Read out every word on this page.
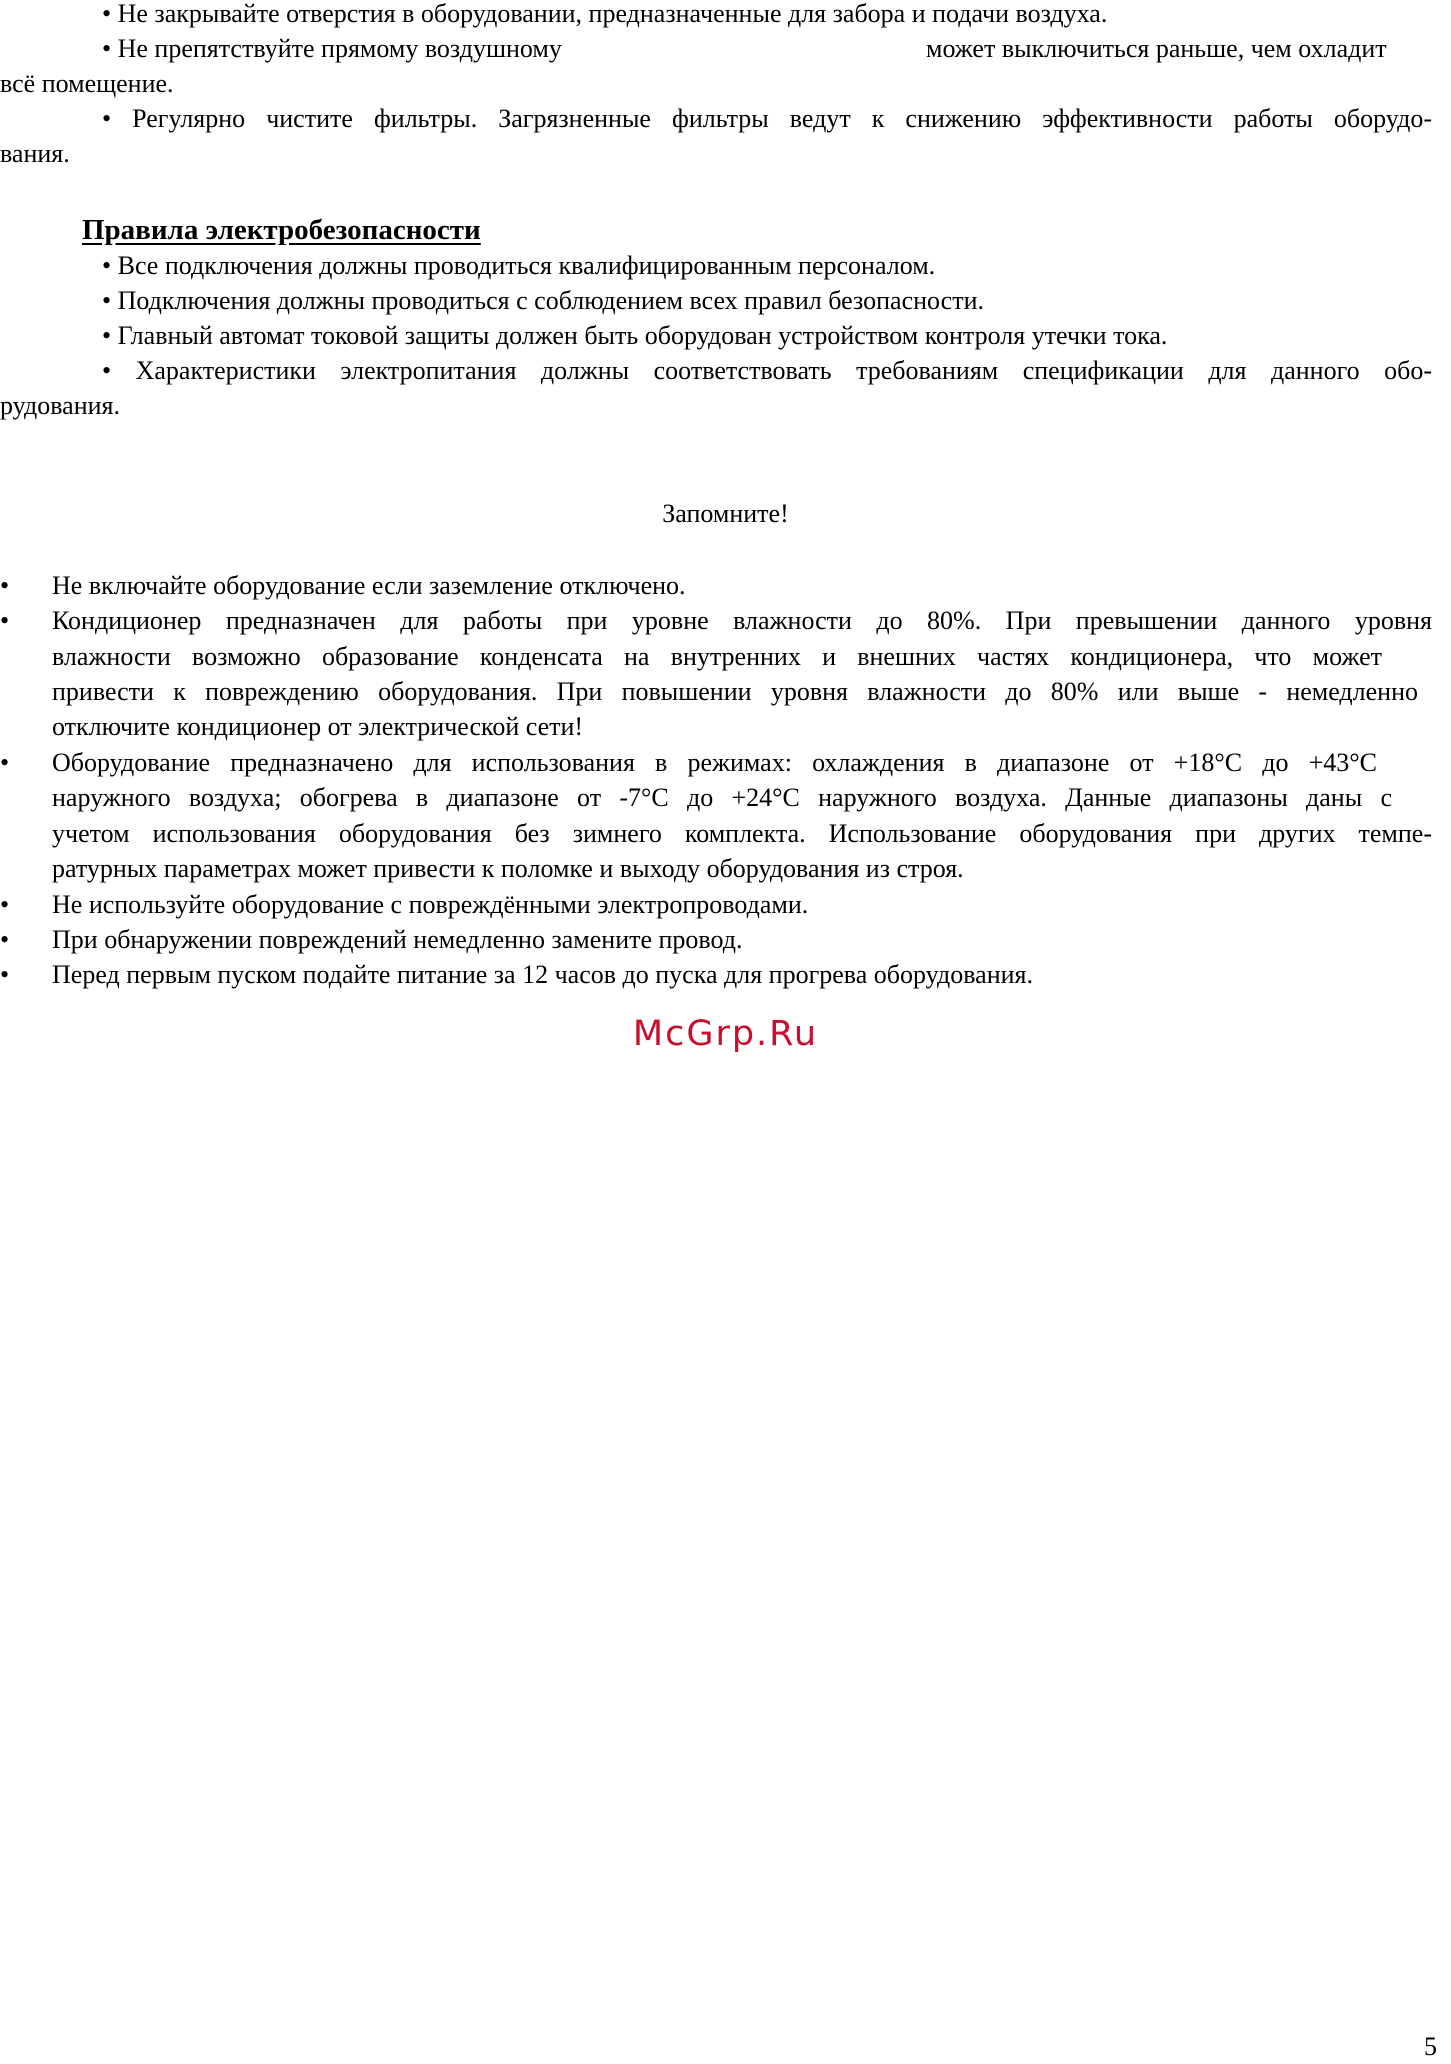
• Не закрывайте отверстия в оборудовании, предназначенные для забора и подачи воздуха.
• Не препятствуйте прямому воздушному	может выключиться раньше, чем охладит
всё помещение.
• Регулярно чистите фильтры. Загрязненные фильтры ведут к снижению эффективности работы оборудо-
вания.
Правила электробезопасности
• Все подключения должны проводиться квалифицированным персоналом.
• Подключения должны проводиться с соблюдением всех правил безопасности.
• Главный автомат токовой защиты должен быть оборудован устройством контроля утечки тока.
• Характеристики электропитания должны соответствовать требованиям спецификации для данного обо-
рудования.
Запомните!
•
•
•
•
•
•
Не включайте оборудование если заземление отключено.
Кондиционер предназначен для работы при уровне влажности до 80%. При превышении данного уровня
влажности возможно образование конденсата на внутренних и внешних частях кондиционера, что может
привести к повреждению оборудования. При повышении уровня влажности до 80% или выше - немедленно
отключите кондиционер от электрической сети!
Оборудование предназначено для использования в режимах: охлаждения в диапазоне от +18°С до +43°С
наружного воздуха; обогрева в диапазоне от -7°С до +24°С наружного воздуха. Данные диапазоны даны с
учетом использования оборудования без зимнего комплекта. Использование оборудования при других темпе-
ратурных параметрах может привести к поломке и выходу оборудования из строя.
Не используйте оборудование с повреждёнными электропроводами.
При обнаружении повреждений немедленно замените провод.
Перед первым пуском подайте питание за 12 часов до пуска для прогрева оборудования.
McGrp.Ru
5
